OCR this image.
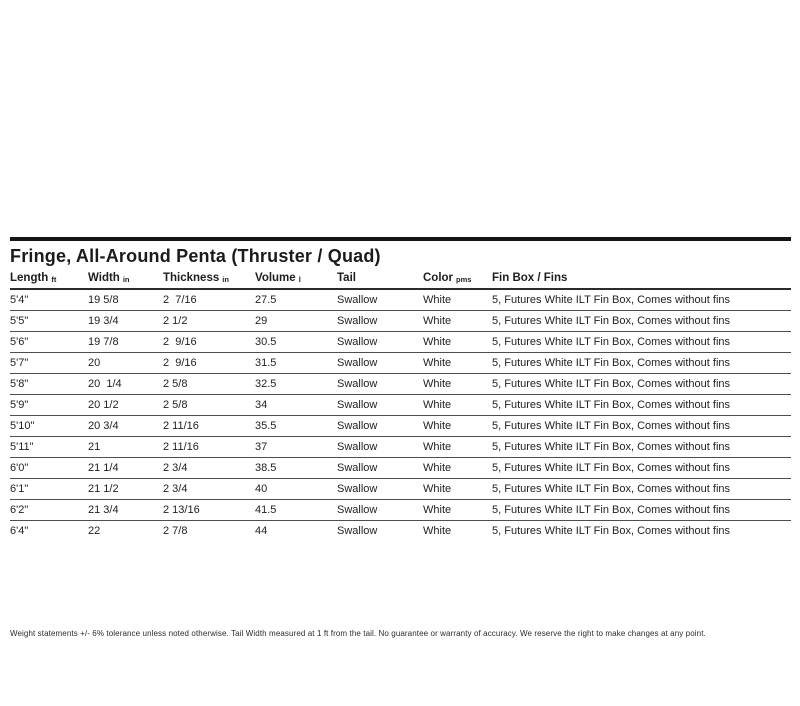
Fringe, All-Around Penta (Thruster / Quad)
Length ft	Width in	Thickness in	Volume l	Tail	Color pms	Fin Box / Fins
5'4"	19 5/8	2  7/16	27.5	Swallow	White	5, Futures White ILT Fin Box, Comes without fins
5'5"	19 3/4	2 1/2	29	Swallow	White	5, Futures White ILT Fin Box, Comes without fins
5'6"	19 7/8	2  9/16	30.5	Swallow	White	5, Futures White ILT Fin Box, Comes without fins
5'7"	20	2  9/16	31.5	Swallow	White	5, Futures White ILT Fin Box, Comes without fins
5'8"	20  1/4	2 5/8	32.5	Swallow	White	5, Futures White ILT Fin Box, Comes without fins
5'9"	20 1/2	2 5/8	34	Swallow	White	5, Futures White ILT Fin Box, Comes without fins
5'10"	20 3/4	2 11/16	35.5	Swallow	White	5, Futures White ILT Fin Box, Comes without fins
5'11"	21	2 11/16	37	Swallow	White	5, Futures White ILT Fin Box, Comes without fins
6'0"	21 1/4	2 3/4	38.5	Swallow	White	5, Futures White ILT Fin Box, Comes without fins
6'1"	21 1/2	2 3/4	40	Swallow	White	5, Futures White ILT Fin Box, Comes without fins
6'2"	21 3/4	2 13/16	41.5	Swallow	White	5, Futures White ILT Fin Box, Comes without fins
6'4"	22	2 7/8	44	Swallow	White	5, Futures White ILT Fin Box, Comes without fins
Weight statements +/- 6% tolerance unless noted otherwise. Tail Width measured at 1 ft from the tail. No guarantee or warranty of accuracy. We reserve the right to make changes at any point.
